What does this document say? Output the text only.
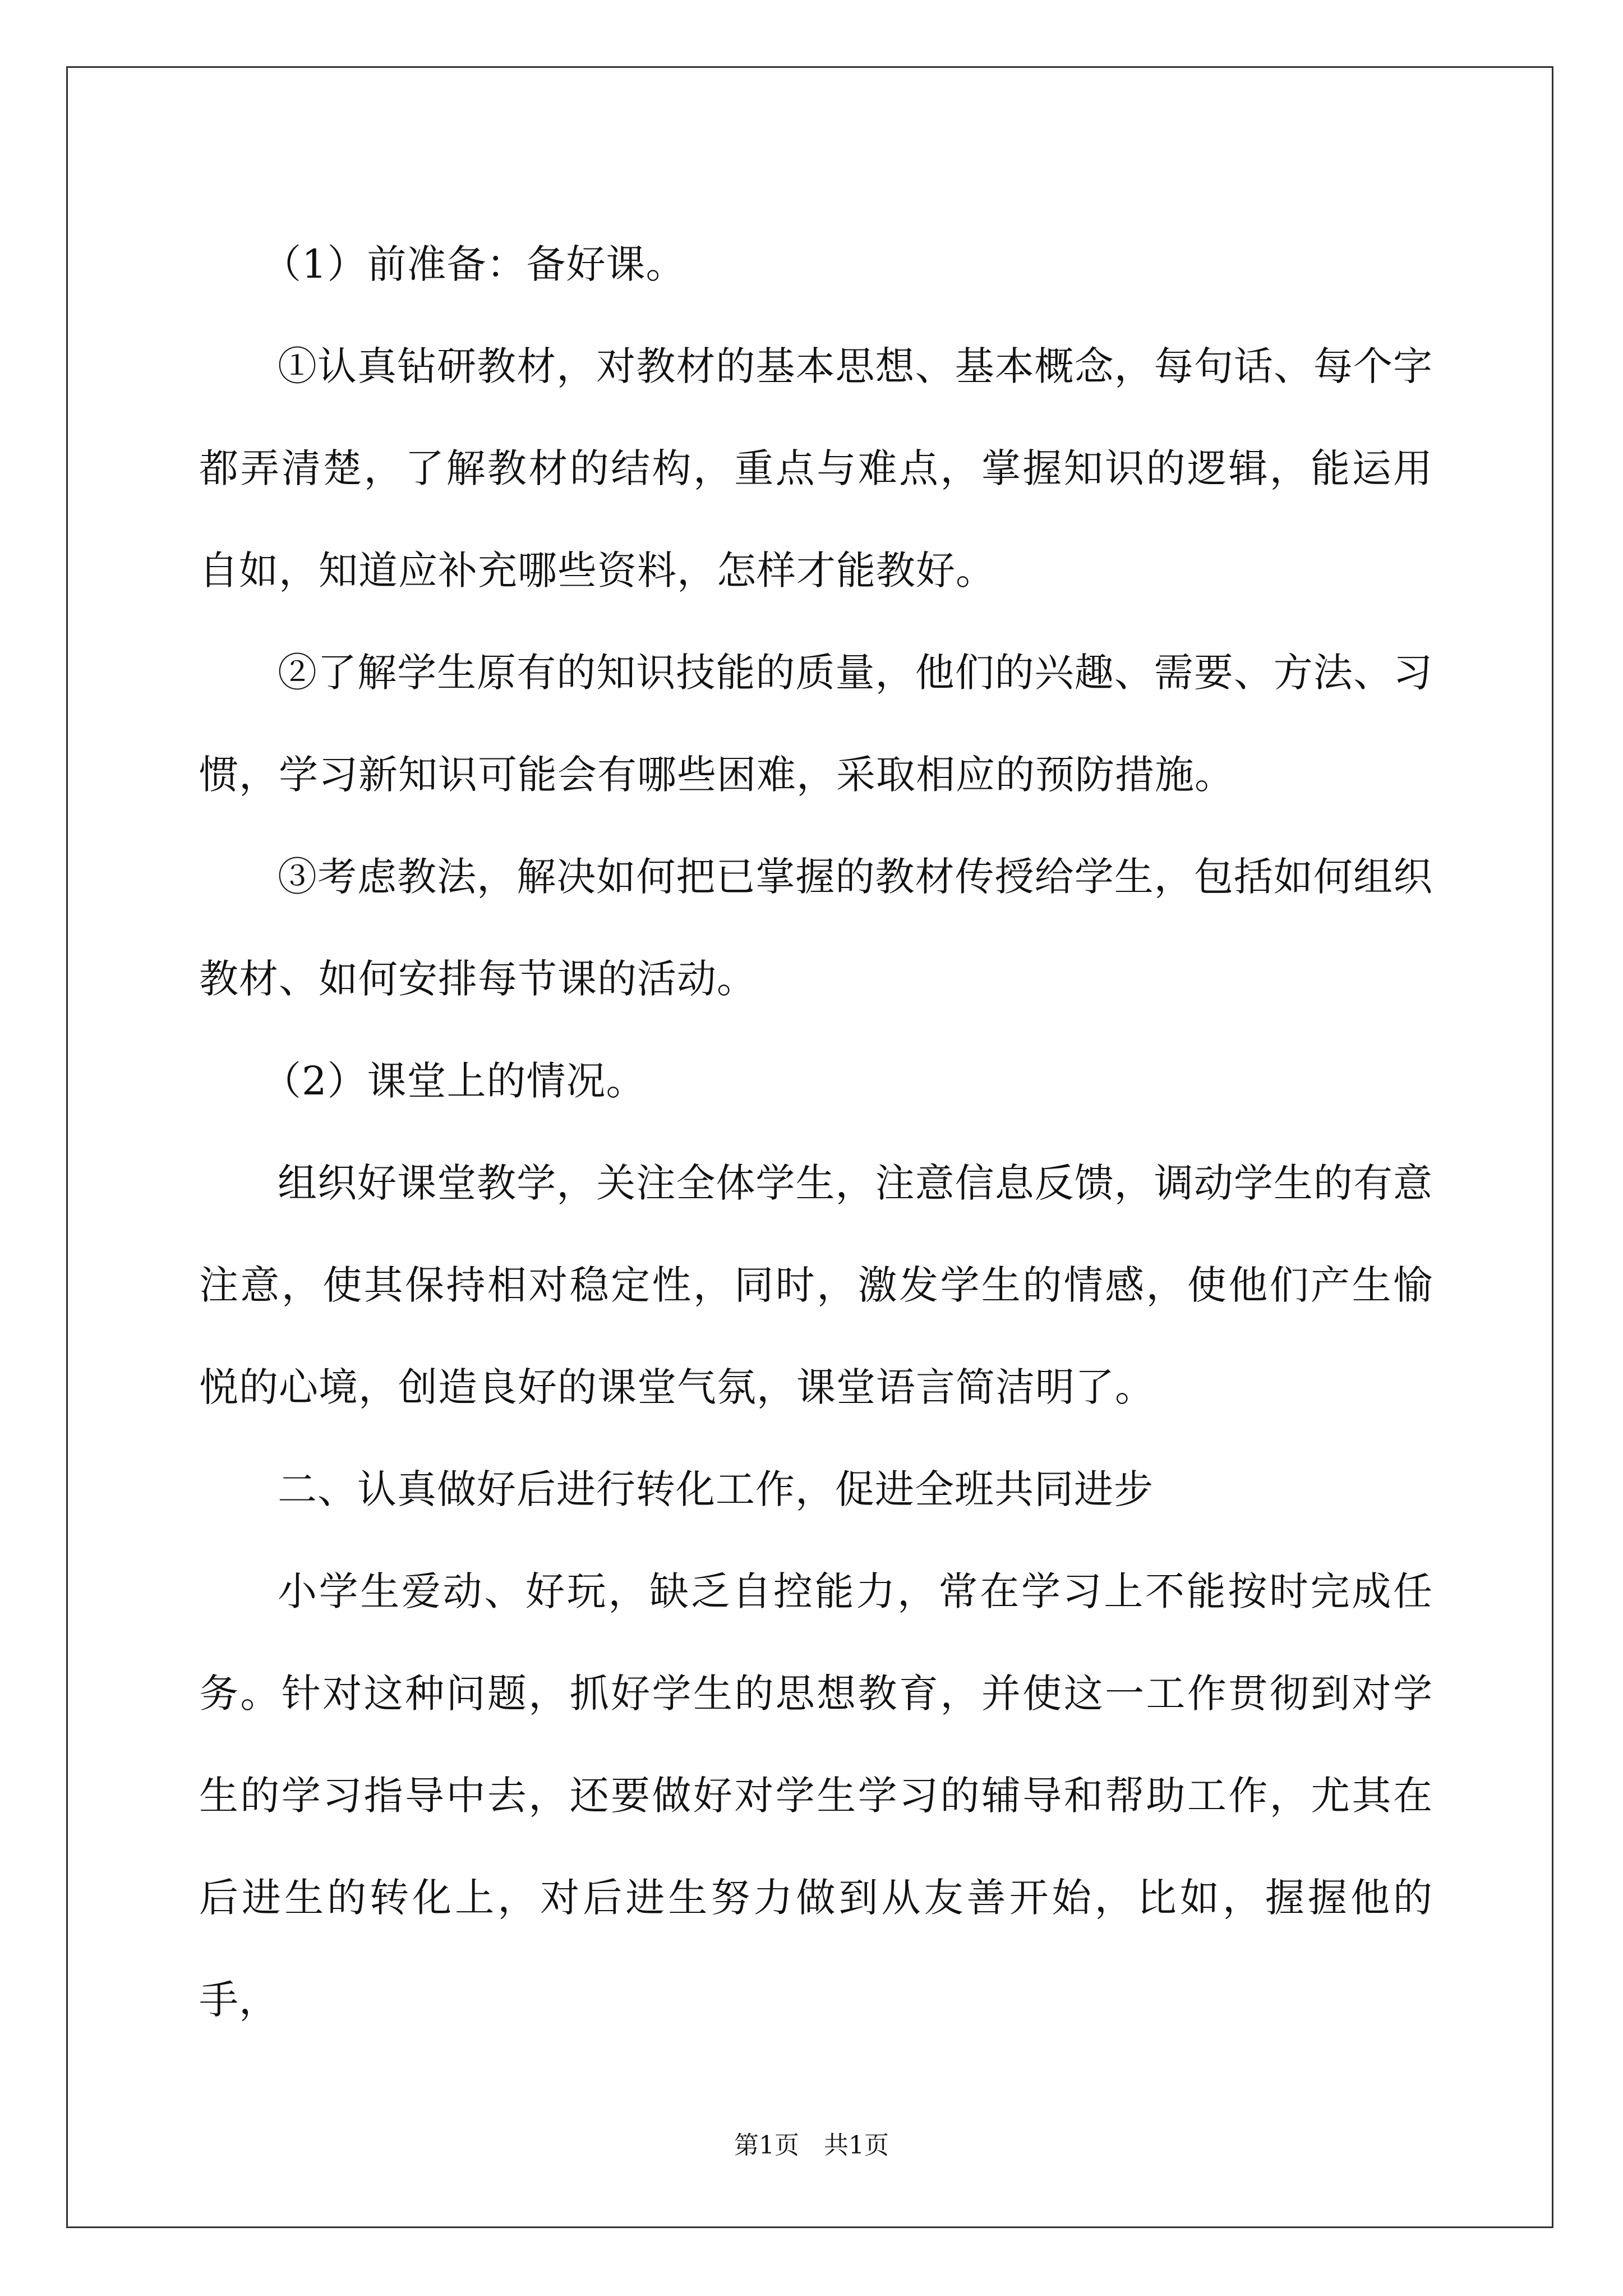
（1）前准备：备好课。

①认真钻研教材，对教材的基本思想、基本概念，每句话、每个字都弄清楚，了解教材的结构，重点与难点，掌握知识的逻辑，能运用自如，知道应补充哪些资料，怎样才能教好。

②了解学生原有的知识技能的质量，他们的兴趣、需要、方法、习惯，学习新知识可能会有哪些困难，采取相应的预防措施。

③考虑教法，解决如何把已掌握的教材传授给学生，包括如何组织教材、如何安排每节课的活动。

（2）课堂上的情况。

组织好课堂教学，关注全体学生，注意信息反馈，调动学生的有意注意，使其保持相对稳定性，同时，激发学生的情感，使他们产生愉悦的心境，创造良好的课堂气氛，课堂语言简洁明了。

二、认真做好后进行转化工作，促进全班共同进步

小学生爱动、好玩，缺乏自控能力，常在学习上不能按时完成任务。针对这种问题，抓好学生的思想教育，并使这一工作贯彻到对学生的学习指导中去，还要做好对学生学习的辅导和帮助工作，尤其在后进生的转化上，对后进生努力做到从友善开始，比如，握握他的手，

第1页　共1页
